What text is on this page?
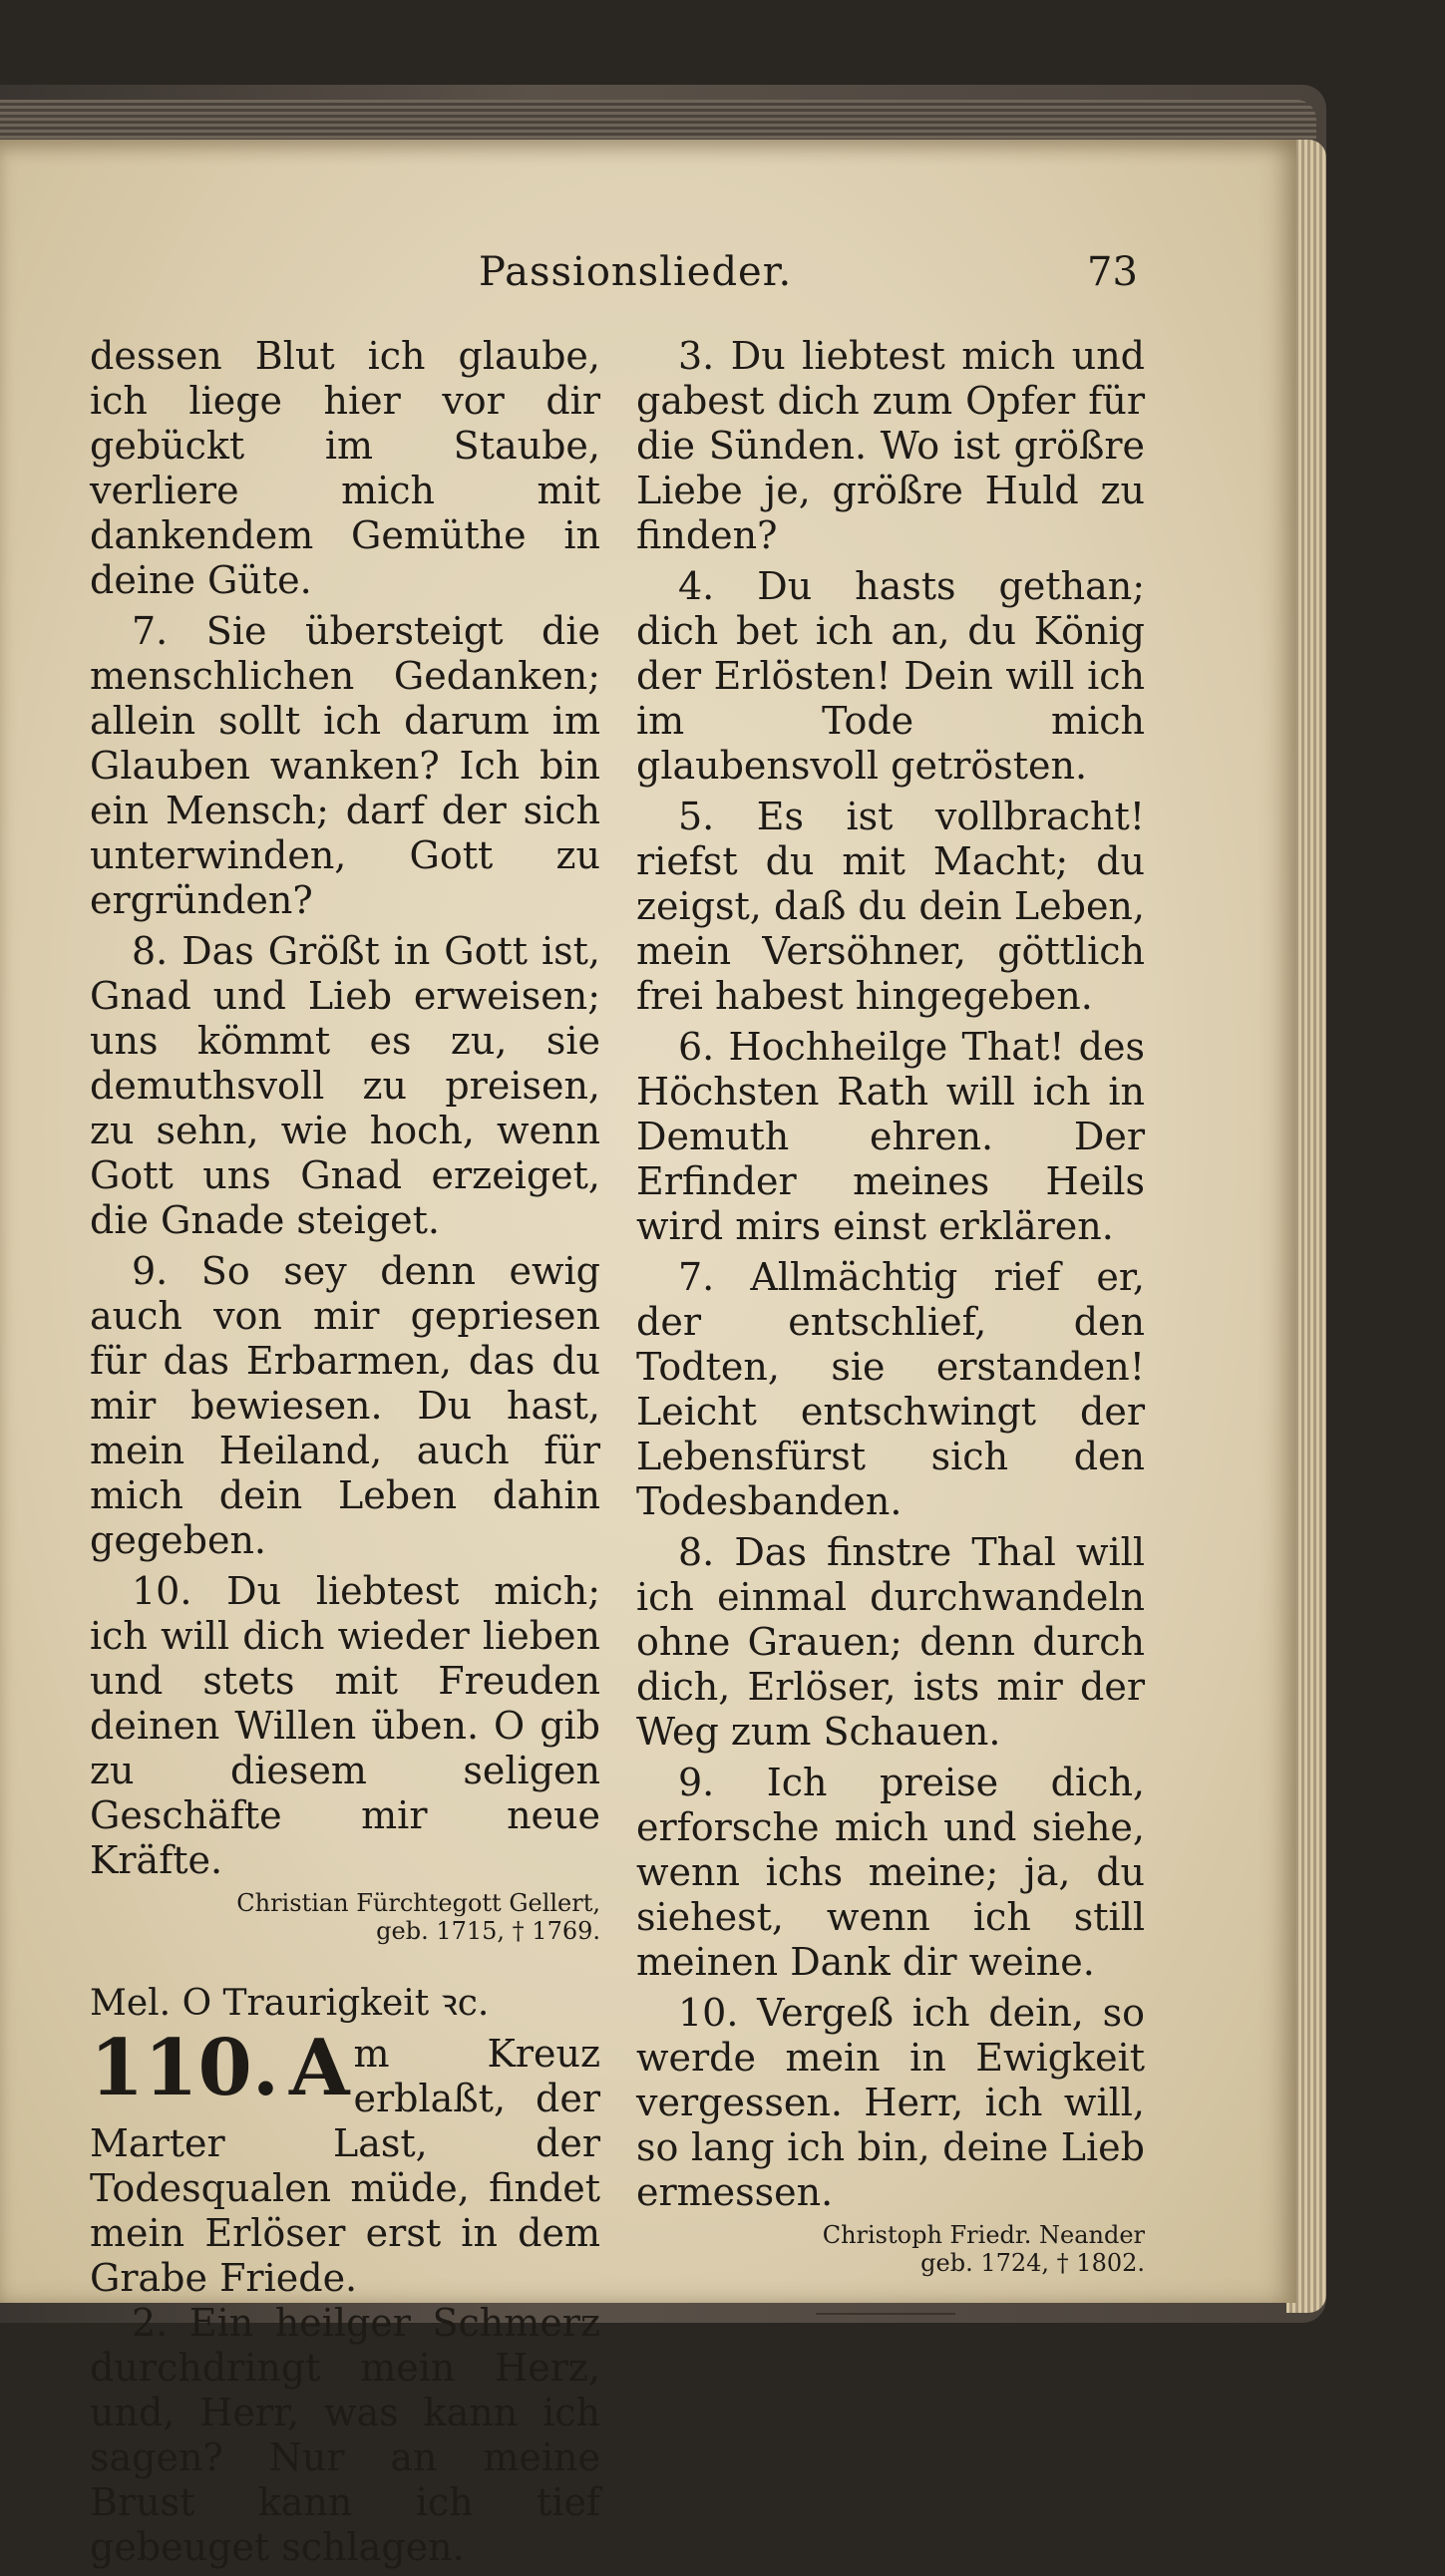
Passionslieder.	73

dessen Blut ich glaube, ich liege hier vor dir gebückt im Staube, verliere mich mit dankendem Gemüthe in deine Güte.

7. Sie übersteigt die menschlichen Gedanken; allein sollt ich darum im Glauben wanken? Ich bin ein Mensch; darf der sich unterwinden, Gott zu ergründen?

8. Das Größt in Gott ist, Gnad und Lieb erweisen; uns kömmt es zu, sie demuthsvoll zu preisen, zu sehn, wie hoch, wenn Gott uns Gnad erzeiget, die Gnade steiget.

9. So sey denn ewig auch von mir gepriesen für das Erbarmen, das du mir bewiesen. Du hast, mein Heiland, auch für mich dein Leben dahin gegeben.

10. Du liebtest mich; ich will dich wieder lieben und stets mit Freuden deinen Willen üben. O gib zu diesem seligen Geschäfte mir neue Kräfte.

Christian Fürchtegott Gellert,
geb. 1715, † 1769.

Mel. O Traurigkeit ꝛc.

110. A m Kreuz erblaßt, der Marter Last, der Todesqualen müde, findet mein Erlöser erst in dem Grabe Friede.

2. Ein heilger Schmerz durchdringt mein Herz, und, Herr, was kann ich sagen? Nur an meine Brust kann ich tief gebeuget schlagen.

3. Du liebtest mich und gabest dich zum Opfer für die Sünden. Wo ist größre Liebe je, größre Huld zu finden?

4. Du hasts gethan; dich bet ich an, du König der Erlösten! Dein will ich im Tode mich glaubensvoll getrösten.

5. Es ist vollbracht! riefst du mit Macht; du zeigst, daß du dein Leben, mein Versöhner, göttlich frei habest hingegeben.

6. Hochheilge That! des Höchsten Rath will ich in Demuth ehren. Der Erfinder meines Heils wird mirs einst erklären.

7. Allmächtig rief er, der entschlief, den Todten, sie erstanden! Leicht entschwingt der Lebensfürst sich den Todesbanden.

8. Das finstre Thal will ich einmal durchwandeln ohne Grauen; denn durch dich, Erlöser, ists mir der Weg zum Schauen.

9. Ich preise dich, erforsche mich und siehe, wenn ichs meine; ja, du siehest, wenn ich still meinen Dank dir weine.

10. Vergeß ich dein, so werde mein in Ewigkeit vergessen. Herr, ich will, so lang ich bin, deine Lieb ermessen.

Christoph Friedr. Neander
geb. 1724, † 1802.
